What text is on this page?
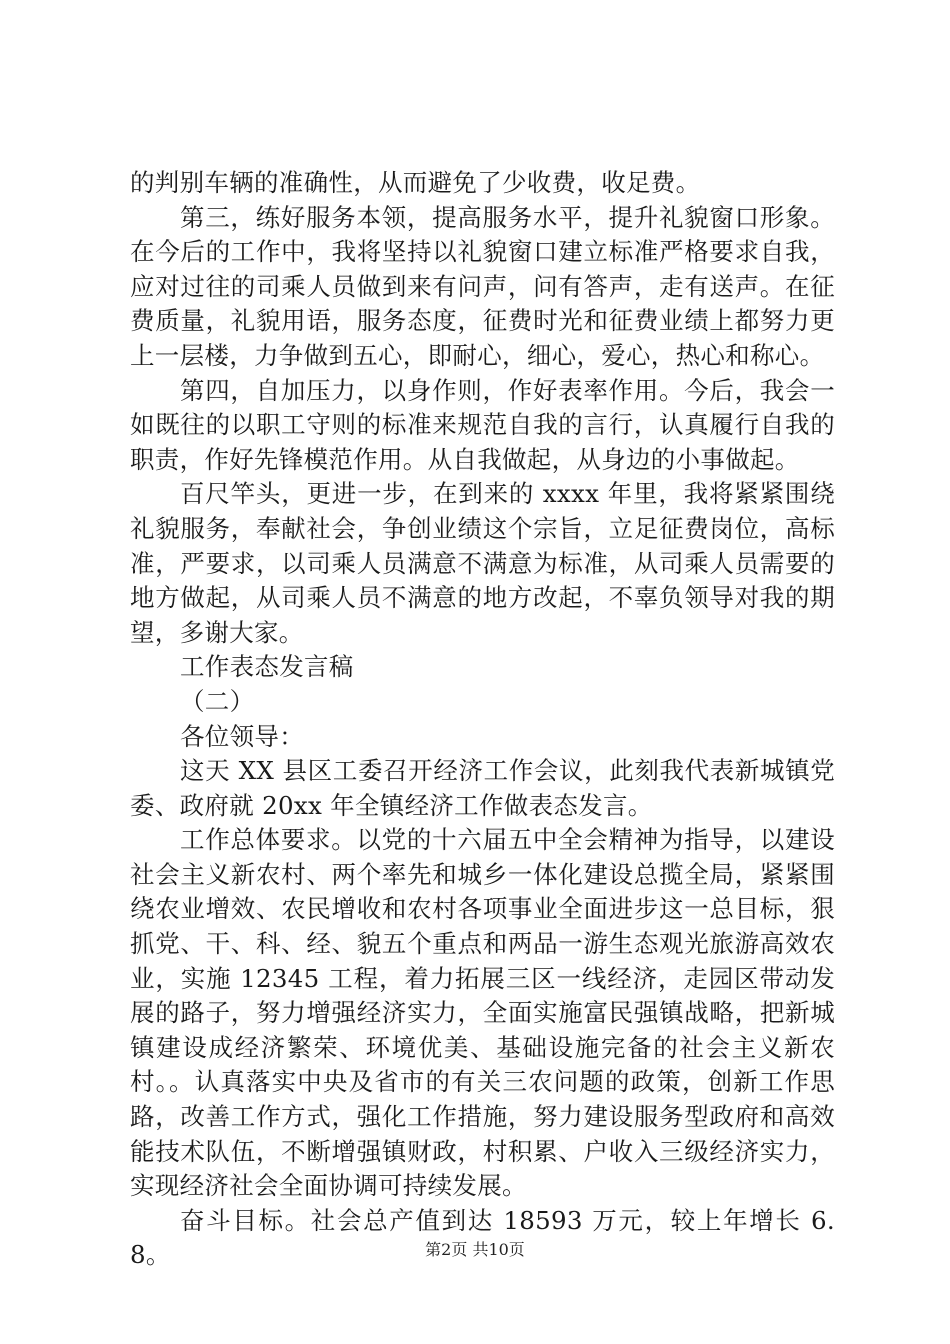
的判别车辆的准确性，从而避免了少收费，收足费。

第三，练好服务本领，提高服务水平，提升礼貌窗口形象。在今后的工作中，我将坚持以礼貌窗口建立标准严格要求自我，应对过往的司乘人员做到来有问声，问有答声，走有送声。在征费质量，礼貌用语，服务态度，征费时光和征费业绩上都努力更上一层楼，力争做到五心，即耐心，细心，爱心，热心和称心。

第四，自加压力，以身作则，作好表率作用。今后，我会一如既往的以职工守则的标准来规范自我的言行，认真履行自我的职责，作好先锋模范作用。从自我做起，从身边的小事做起。

百尺竿头，更进一步，在到来的 xxxx 年里，我将紧紧围绕礼貌服务，奉献社会，争创业绩这个宗旨，立足征费岗位，高标准，严要求，以司乘人员满意不满意为标准，从司乘人员需要的地方做起，从司乘人员不满意的地方改起，不辜负领导对我的期望，多谢大家。

工作表态发言稿

（二）

各位领导：

这天 XX 县区工委召开经济工作会议，此刻我代表新城镇党委、政府就 20xx 年全镇经济工作做表态发言。

工作总体要求。以党的十六届五中全会精神为指导，以建设社会主义新农村、两个率先和城乡一体化建设总揽全局，紧紧围绕农业增效、农民增收和农村各项事业全面进步这一总目标，狠抓党、干、科、经、貌五个重点和两品一游生态观光旅游高效农业，实施 12345 工程，着力拓展三区一线经济，走园区带动发展的路子，努力增强经济实力，全面实施富民强镇战略，把新城镇建设成经济繁荣、环境优美、基础设施完备的社会主义新农村。。认真落实中央及省市的有关三农问题的政策，创新工作思路，改善工作方式，强化工作措施，努力建设服务型政府和高效能技术队伍，不断增强镇财政，村积累、户收入三级经济实力，实现经济社会全面协调可持续发展。

奋斗目标。社会总产值到达 18593 万元，较上年增长 6.8。	第2页 共10页
